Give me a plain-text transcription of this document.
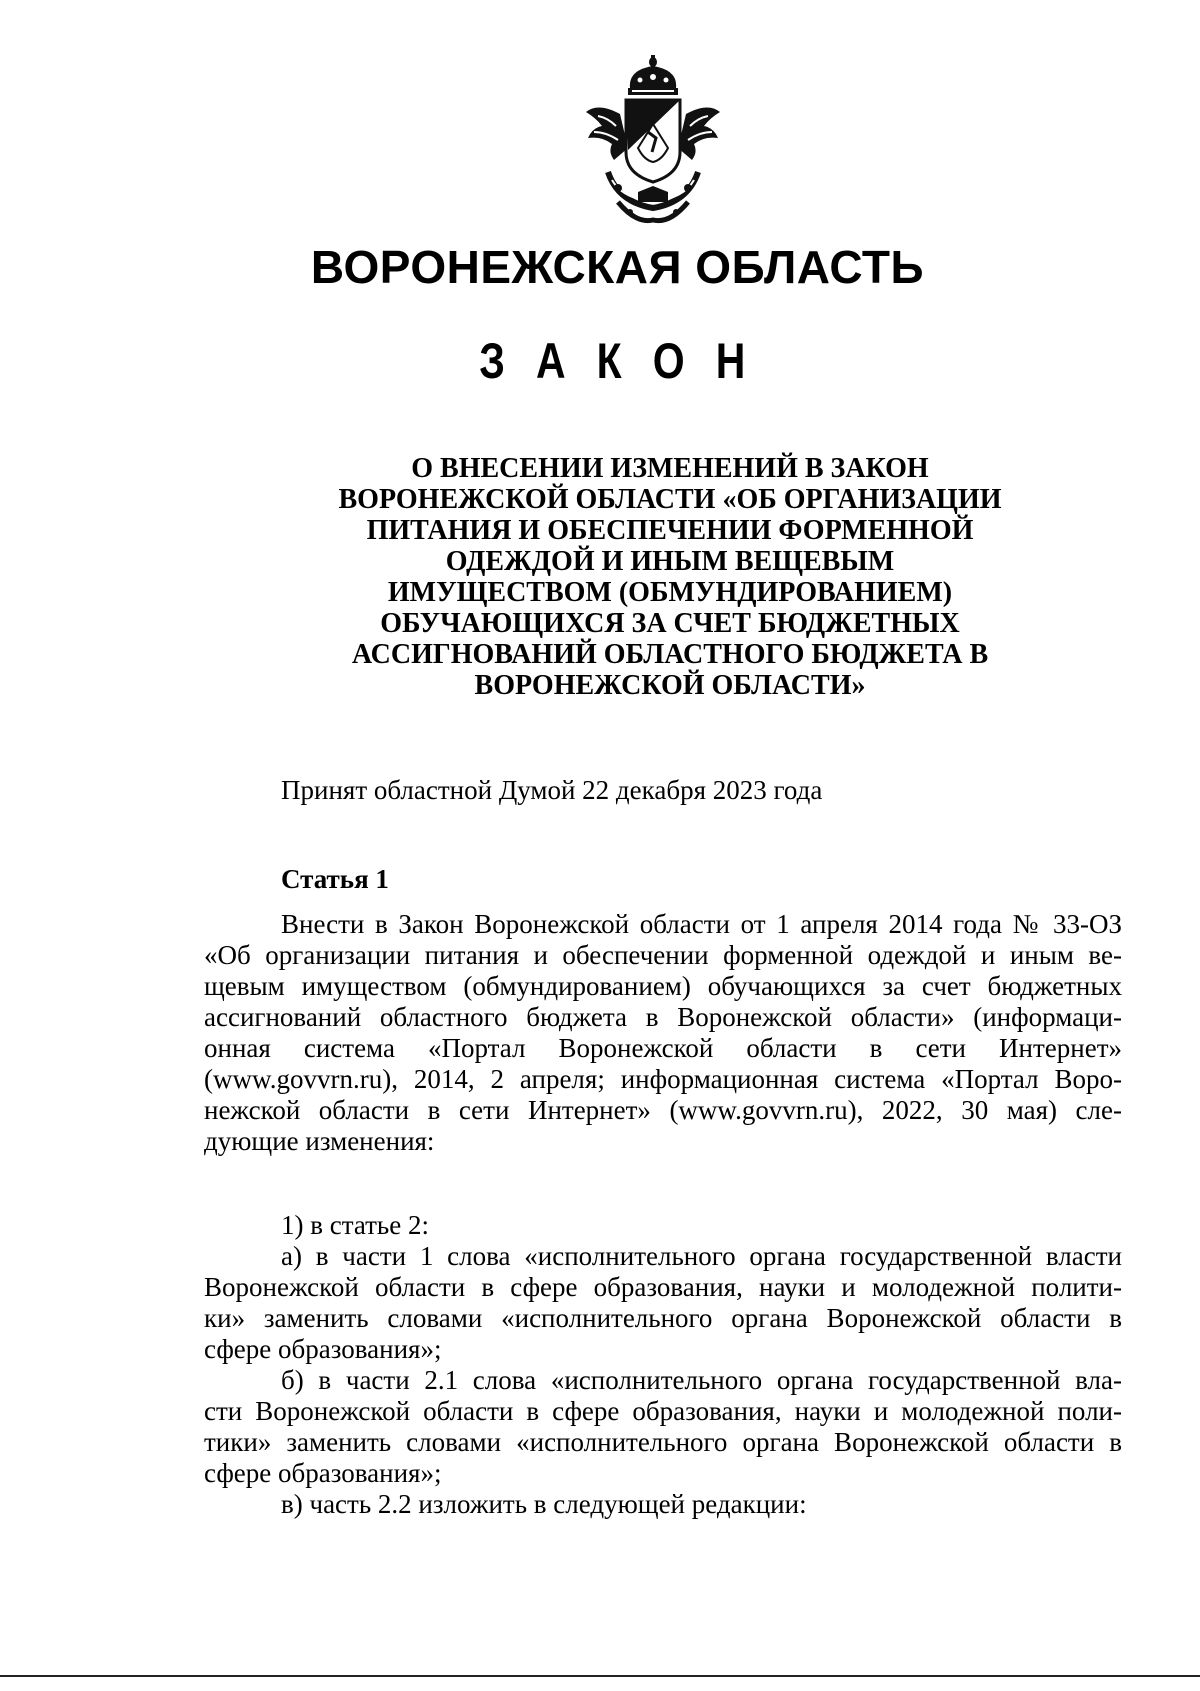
ВОРОНЕЖСКАЯ ОБЛАСТЬ
З А К О Н
О ВНЕСЕНИИ ИЗМЕНЕНИЙ В ЗАКОН
ВОРОНЕЖСКОЙ ОБЛАСТИ «ОБ ОРГАНИЗАЦИИ
ПИТАНИЯ И ОБЕСПЕЧЕНИИ ФОРМЕННОЙ
ОДЕЖДОЙ И ИНЫМ ВЕЩЕВЫМ
ИМУЩЕСТВОМ (ОБМУНДИРОВАНИЕМ)
ОБУЧАЮЩИХСЯ ЗА СЧЕТ БЮДЖЕТНЫХ
АССИГНОВАНИЙ ОБЛАСТНОГО БЮДЖЕТА В
ВОРОНЕЖСКОЙ ОБЛАСТИ»

Принят областной Думой 22 декабря 2023 года

Статья 1

Внести в Закон Воронежской области от 1 апреля 2014 года № 33-ОЗ
«Об организации питания и обеспечении форменной одеждой и иным ве-
щевым имуществом (обмундированием) обучающихся за счет бюджетных
ассигнований областного бюджета в Воронежской области» (информаци-
онная система «Портал Воронежской области в сети Интернет»
(www.govvrn.ru), 2014, 2 апреля; информационная система «Портал Воро-
нежской области в сети Интернет» (www.govvrn.ru), 2022, 30 мая) сле-
дующие изменения:
1) в статье 2:
а) в части 1 слова «исполнительного органа государственной власти
Воронежской области в сфере образования, науки и молодежной полити-
ки» заменить словами «исполнительного органа Воронежской области в
сфере образования»;
б) в части 2.1 слова «исполнительного органа государственной вла-
сти Воронежской области в сфере образования, науки и молодежной поли-
тики» заменить словами «исполнительного органа Воронежской области в
сфере образования»;
в) часть 2.2 изложить в следующей редакции:
